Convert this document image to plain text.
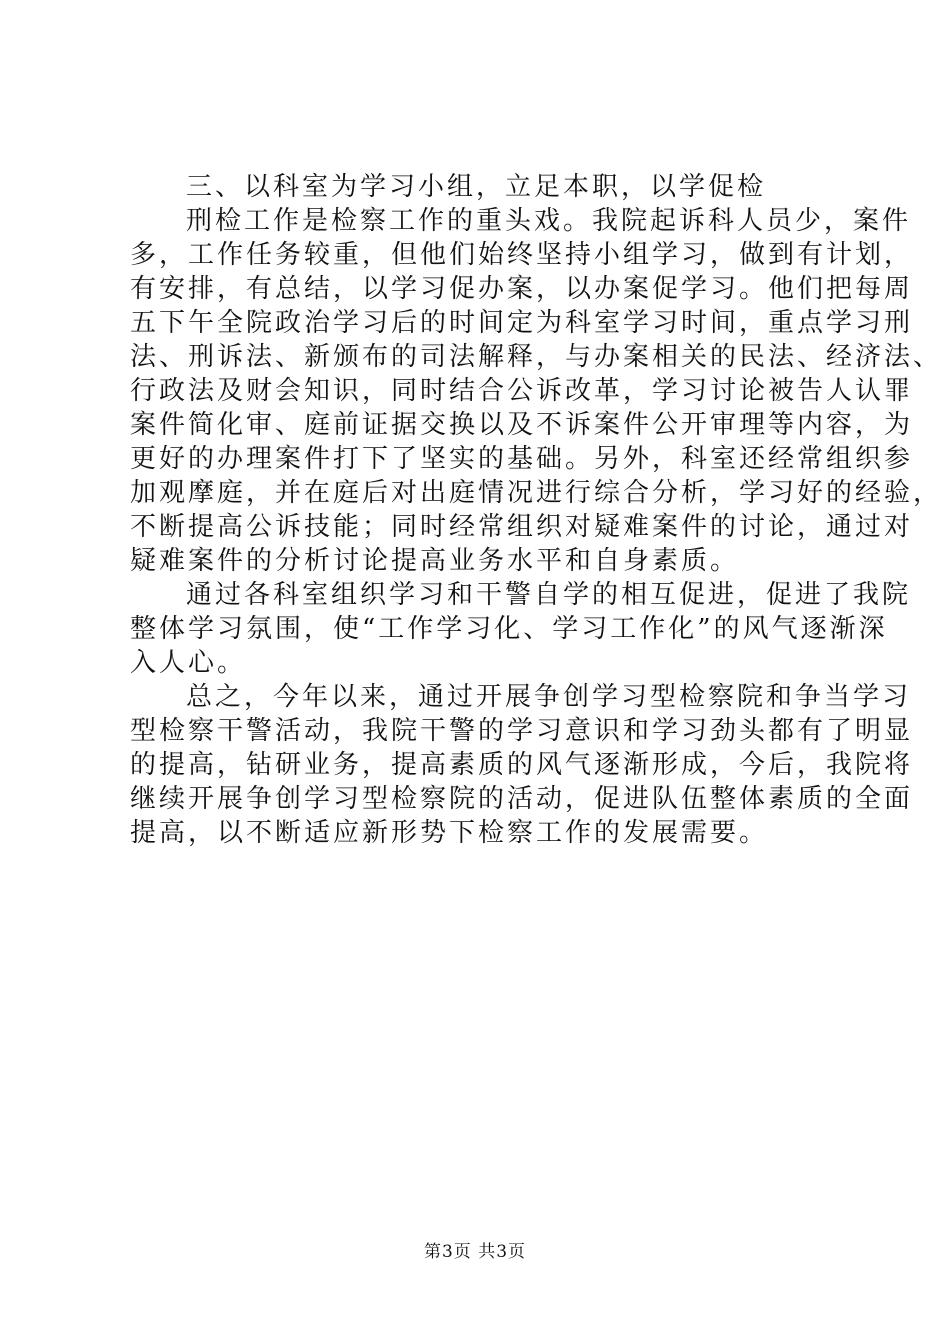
三、以科室为学习小组，立足本职，以学促检
刑检工作是检察工作的重头戏。我院起诉科人员少，案件
多，工作任务较重，但他们始终坚持小组学习，做到有计划，
有安排，有总结，以学习促办案，以办案促学习。他们把每周
五下午全院政治学习后的时间定为科室学习时间，重点学习刑
法、刑诉法、新颁布的司法解释，与办案相关的民法、经济法、
行政法及财会知识，同时结合公诉改革，学习讨论被告人认罪
案件简化审、庭前证据交换以及不诉案件公开审理等内容，为
更好的办理案件打下了坚实的基础。另外，科室还经常组织参
加观摩庭，并在庭后对出庭情况进行综合分析，学习好的经验，
不断提高公诉技能；同时经常组织对疑难案件的讨论，通过对
疑难案件的分析讨论提高业务水平和自身素质。
通过各科室组织学习和干警自学的相互促进，促进了我院
整体学习氛围，使“工作学习化、学习工作化”的风气逐渐深
入人心。
总之，今年以来，通过开展争创学习型检察院和争当学习
型检察干警活动，我院干警的学习意识和学习劲头都有了明显
的提高，钻研业务，提高素质的风气逐渐形成，今后，我院将
继续开展争创学习型检察院的活动，促进队伍整体素质的全面
提高，以不断适应新形势下检察工作的发展需要。
第3页 共3页
